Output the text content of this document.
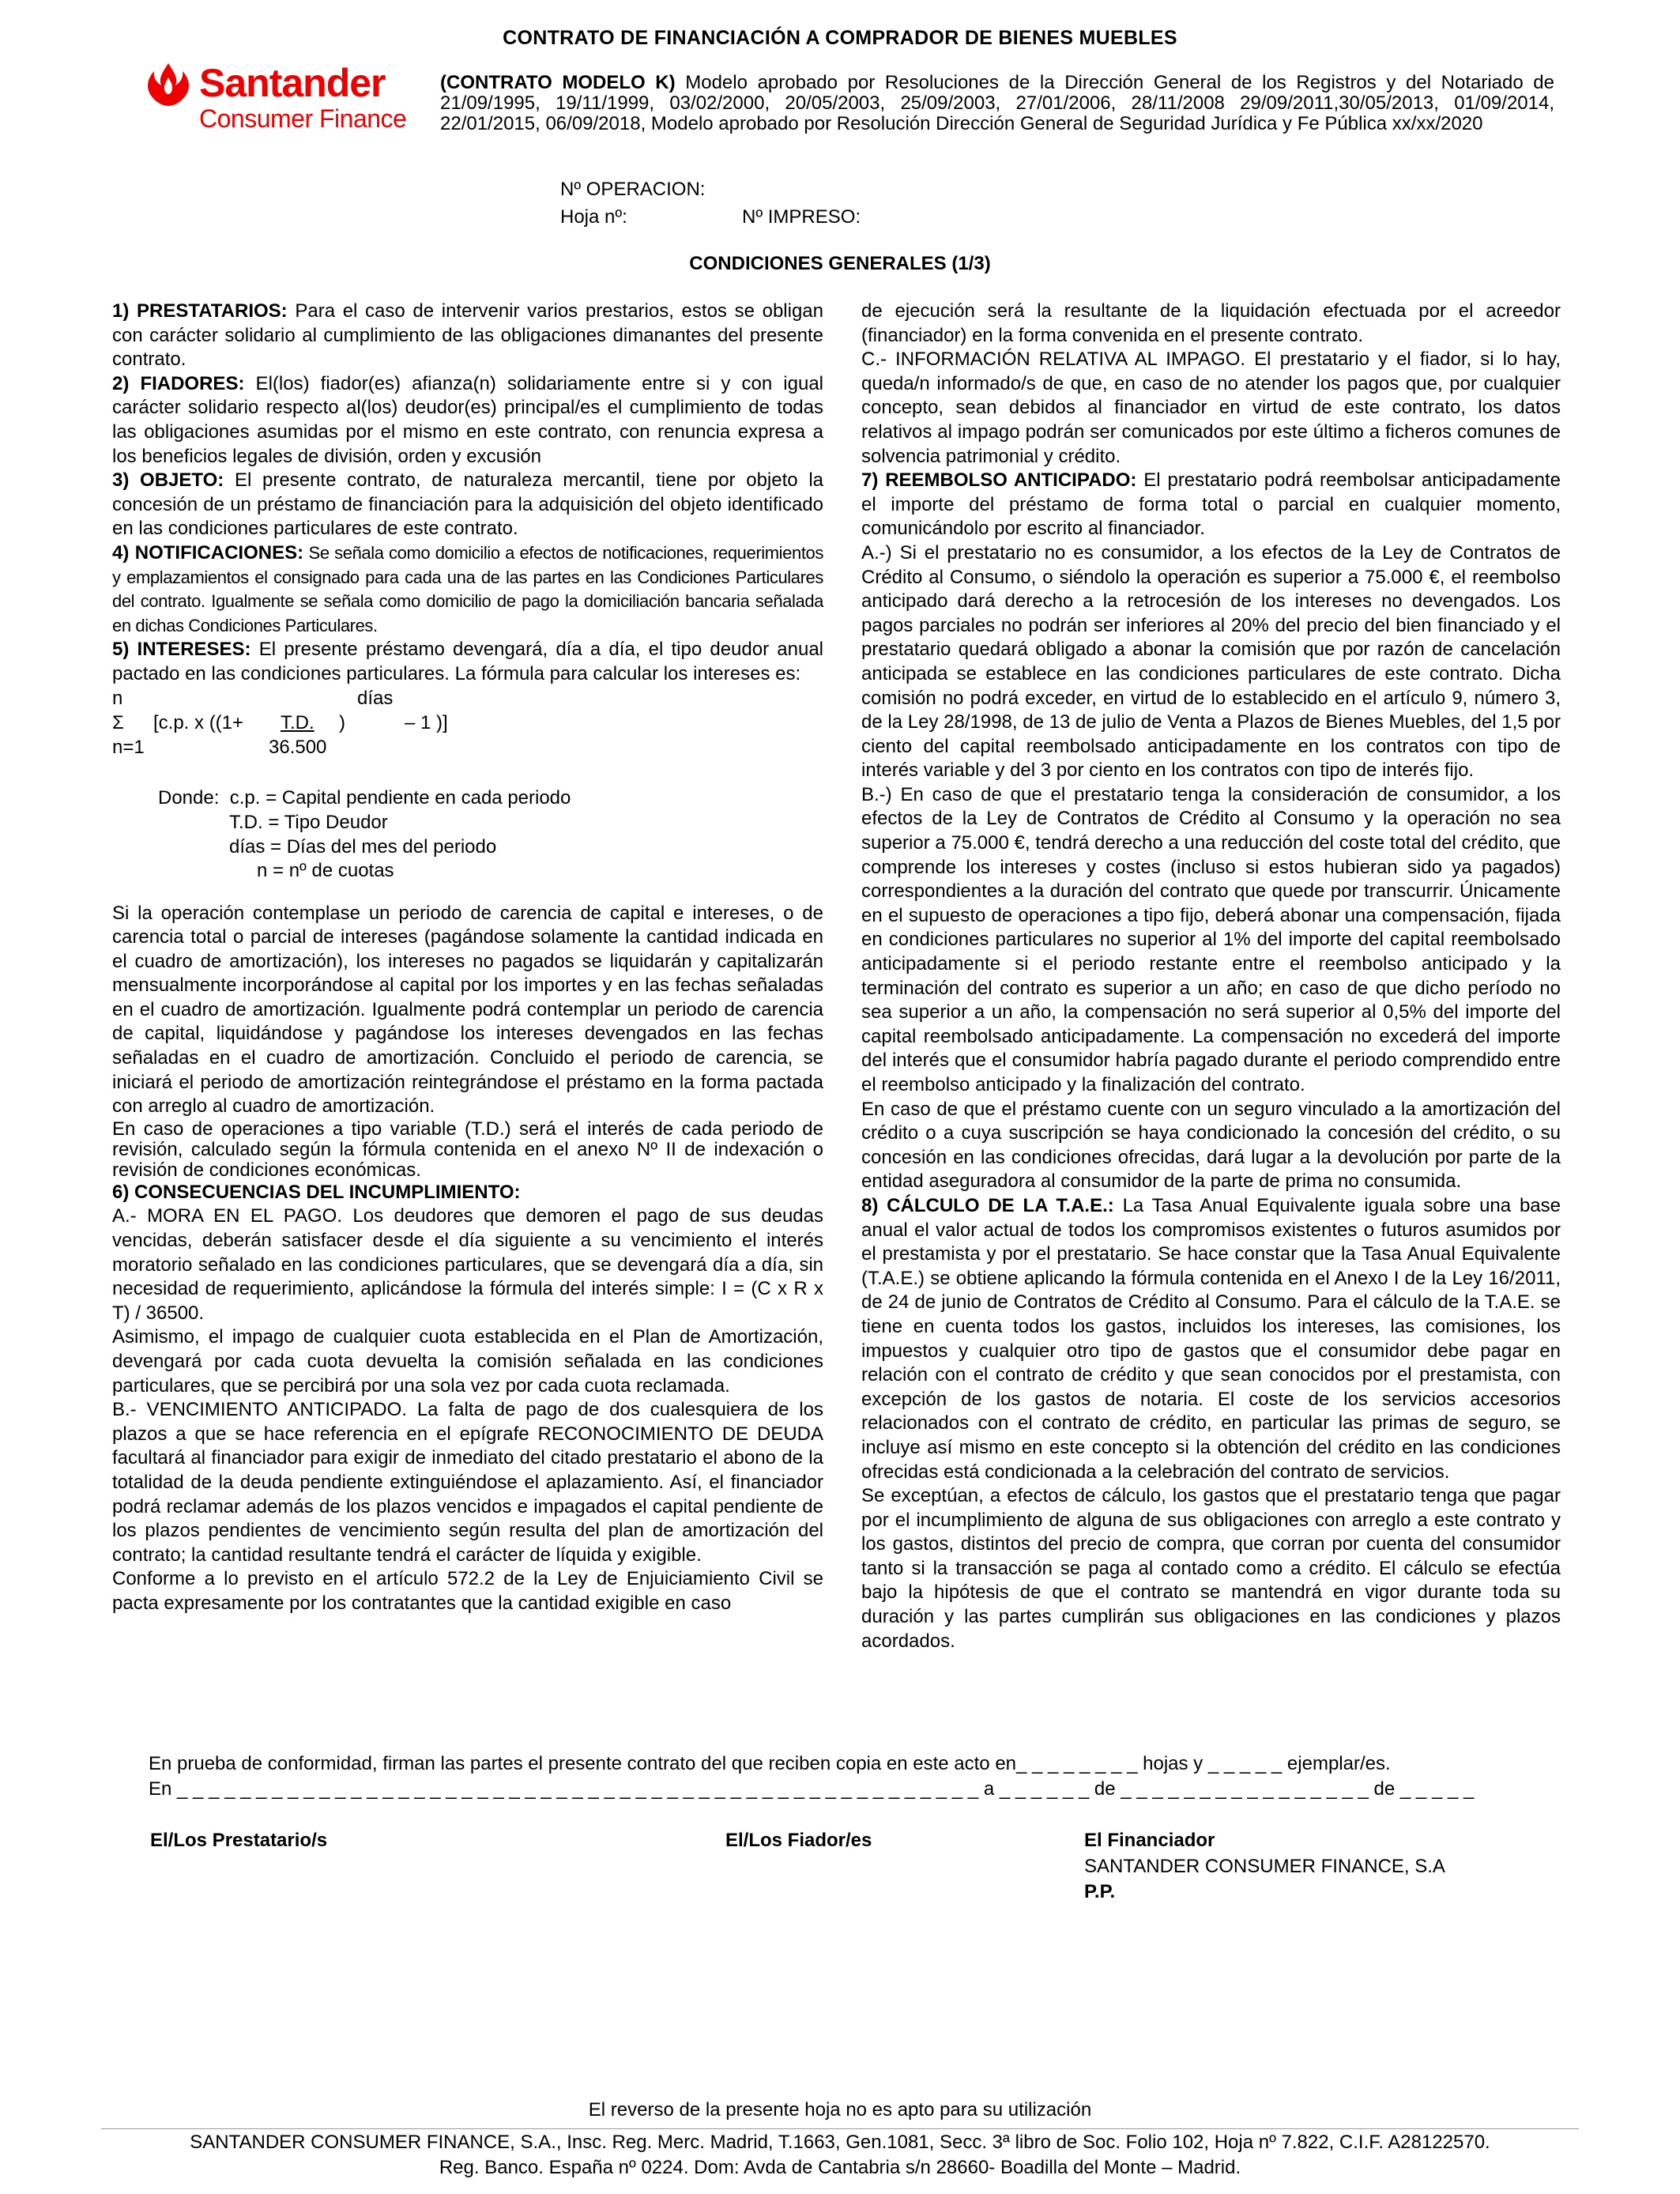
CONTRATO DE FINANCIACIÓN A COMPRADOR DE BIENES MUEBLES
Santander
Consumer Finance
(CONTRATO MODELO K) Modelo aprobado por Resoluciones de la Dirección General de los Registros y del Notariado de 21/09/1995, 19/11/1999, 03/02/2000, 20/05/2003, 25/09/2003, 27/01/2006, 28/11/2008 29/09/2011,30/05/2013, 01/09/2014, 22/01/2015, 06/09/2018, Modelo aprobado por Resolución Dirección General de Seguridad Jurídica y Fe Pública xx/xx/2020
Nº OPERACION:
Hoja nº:	Nº IMPRESO:
CONDICIONES GENERALES (1/3)

1) PRESTATARIOS: Para el caso de intervenir varios prestarios, estos se obligan con carácter solidario al cumplimiento de las obligaciones dimanantes del presente contrato.

2) FIADORES: El(los) fiador(es) afianza(n) solidariamente entre si y con igual carácter solidario respecto al(los) deudor(es) principal/es el cumplimiento de todas las obligaciones asumidas por el mismo en este contrato, con renuncia expresa a los beneficios legales de división, orden y excusión

3) OBJETO: El presente contrato, de naturaleza mercantil, tiene por objeto la concesión de un préstamo de financiación para la adquisición del objeto identificado en las condiciones particulares de este contrato.

4) NOTIFICACIONES: Se señala como domicilio a efectos de notificaciones, requerimientos y emplazamientos el consignado para cada una de las partes en las Condiciones Particulares del contrato. Igualmente se señala como domicilio de pago la domiciliación bancaria señalada en dichas Condiciones Particulares.

5) INTERESES: El presente préstamo devengará, día a día, el tipo deudor anual pactado en las condiciones particulares. La fórmula para calcular los intereses es:

n	días
Σ [c.p. x ((1+ T.D. )	– 1 )]
n=1	36.500
Donde:  c.p. = Capital pendiente en cada periodo
T.D. = Tipo Deudor
días = Días del mes del periodo
n = nº de cuotas

Si la operación contemplase un periodo de carencia de capital e intereses, o de carencia total o parcial de intereses (pagándose solamente la cantidad indicada en el cuadro de amortización), los intereses no pagados se liquidarán y capitalizarán mensualmente incorporándose al capital por los importes y en las fechas señaladas en el cuadro de amortización. Igualmente podrá contemplar un periodo de carencia de capital, liquidándose y pagándose los intereses devengados en las fechas señaladas en el cuadro de amortización. Concluido el periodo de carencia, se iniciará el periodo de amortización reintegrándose el préstamo en la forma pactada con arreglo al cuadro de amortización.

En caso de operaciones a tipo variable (T.D.) será el interés de cada periodo de revisión, calculado según la fórmula contenida en el anexo Nº II de indexación o revisión de condiciones económicas.

6) CONSECUENCIAS DEL INCUMPLIMIENTO:

A.- MORA EN EL PAGO. Los deudores que demoren el pago de sus deudas vencidas, deberán satisfacer desde el día siguiente a su vencimiento el interés moratorio señalado en las condiciones particulares, que se devengará día a día, sin necesidad de requerimiento, aplicándose la fórmula del interés simple: I = (C x R x T) / 36500.

Asimismo, el impago de cualquier cuota establecida en el Plan de Amortización, devengará por cada cuota devuelta la comisión señalada en las condiciones particulares, que se percibirá por una sola vez por cada cuota reclamada.

B.- VENCIMIENTO ANTICIPADO. La falta de pago de dos cualesquiera de los plazos a que se hace referencia en el epígrafe RECONOCIMIENTO DE DEUDA facultará al financiador para exigir de inmediato del citado prestatario el abono de la totalidad de la deuda pendiente extinguiéndose el aplazamiento. Así, el financiador podrá reclamar además de los plazos vencidos e impagados el capital pendiente de los plazos pendientes de vencimiento según resulta del plan de amortización del contrato; la cantidad resultante tendrá el carácter de líquida y exigible.

Conforme a lo previsto en el artículo 572.2 de la Ley de Enjuiciamiento Civil se pacta expresamente por los contratantes que la cantidad exigible en caso

de ejecución será la resultante de la liquidación efectuada por el acreedor (financiador) en la forma convenida en el presente contrato.

C.- INFORMACIÓN RELATIVA AL IMPAGO. El prestatario y el fiador, si lo hay, queda/n informado/s de que, en caso de no atender los pagos que, por cualquier concepto, sean debidos al financiador en virtud de este contrato, los datos relativos al impago podrán ser comunicados por este último a ficheros comunes de solvencia patrimonial y crédito.

7) REEMBOLSO ANTICIPADO: El prestatario podrá reembolsar anticipadamente el importe del préstamo de forma total o parcial en cualquier momento, comunicándolo por escrito al financiador.

A.-) Si el prestatario no es consumidor, a los efectos de la Ley de Contratos de Crédito al Consumo, o siéndolo la operación es superior a 75.000 €, el reembolso anticipado dará derecho a la retrocesión de los intereses no devengados. Los pagos parciales no podrán ser inferiores al 20% del precio del bien financiado y el prestatario quedará obligado a abonar la comisión que por razón de cancelación anticipada se establece en las condiciones particulares de este contrato. Dicha comisión no podrá exceder, en virtud de lo establecido en el artículo 9, número 3, de la Ley 28/1998, de 13 de julio de Venta a Plazos de Bienes Muebles, del 1,5 por ciento del capital reembolsado anticipadamente en los contratos con tipo de interés variable y del 3 por ciento en los contratos con tipo de interés fijo.

B.-) En caso de que el prestatario tenga la consideración de consumidor, a los efectos de la Ley de Contratos de Crédito al Consumo y la operación no sea superior a 75.000 €, tendrá derecho a una reducción del coste total del crédito, que comprende los intereses y costes (incluso si estos hubieran sido ya pagados) correspondientes a la duración del contrato que quede por transcurrir. Únicamente en el supuesto de operaciones a tipo fijo, deberá abonar una compensación, fijada en condiciones particulares no superior al 1% del importe del capital reembolsado anticipadamente si el periodo restante entre el reembolso anticipado y la terminación del contrato es superior a un año; en caso de que dicho período no sea superior a un año, la compensación no será superior al 0,5% del importe del capital reembolsado anticipadamente. La compensación no excederá del importe del interés que el consumidor habría pagado durante el periodo comprendido entre el reembolso anticipado y la finalización del contrato.

En caso de que el préstamo cuente con un seguro vinculado a la amortización del crédito o a cuya suscripción se haya condicionado la concesión del crédito, o su concesión en las condiciones ofrecidas, dará lugar a la devolución por parte de la entidad aseguradora al consumidor de la parte de prima no consumida.

8) CÁLCULO DE LA T.A.E.: La Tasa Anual Equivalente iguala sobre una base anual el valor actual de todos los compromisos existentes o futuros asumidos por el prestamista y por el prestatario. Se hace constar que la Tasa Anual Equivalente (T.A.E.) se obtiene aplicando la fórmula contenida en el Anexo I de la Ley 16/2011, de 24 de junio de Contratos de Crédito al Consumo. Para el cálculo de la T.A.E. se tiene en cuenta todos los gastos, incluidos los intereses, las comisiones, los impuestos y cualquier otro tipo de gastos que el consumidor debe pagar en relación con el contrato de crédito y que sean conocidos por el prestamista, con excepción de los gastos de notaria. El coste de los servicios accesorios relacionados con el contrato de crédito, en particular las primas de seguro, se incluye así mismo en este concepto si la obtención del crédito en las condiciones ofrecidas está condicionada a la celebración del contrato de servicios.

Se exceptúan, a efectos de cálculo, los gastos que el prestatario tenga que pagar por el incumplimiento de alguna de sus obligaciones con arreglo a este contrato y los gastos, distintos del precio de compra, que corran por cuenta del consumidor tanto si la transacción se paga al contado como a crédito. El cálculo se efectúa bajo la hipótesis de que el contrato se mantendrá en vigor durante toda su duración y las partes cumplirán sus obligaciones en las condiciones y plazos acordados.

En prueba de conformidad, firman las partes el presente contrato del que reciben copia en este acto en_ _ _ _ _ _ _ _ hojas y _ _ _ _ _ ejemplar/es.
En _ _ _ _ _ _ _ _ _ _ _ _ _ _ _ _ _ _ _ _ _ _ _ _ _ _ _ _ _ _ _ _ _ _ _ _ _ _ _ _ _ _ _ _ _ _ _ _ _ _ _ a _ _ _ _ _ _ de _ _ _ _ _ _ _ _ _ _ _ _ _ _ _ _ de _ _ _ _ _
El/Los Prestatario/s	El/Los Fiador/es	El Financiador
SANTANDER CONSUMER FINANCE, S.A
P.P.
El reverso de la presente hoja no es apto para su utilización
SANTANDER CONSUMER FINANCE, S.A., Insc. Reg. Merc. Madrid, T.1663, Gen.1081, Secc. 3ª libro de Soc. Folio 102, Hoja nº 7.822, C.I.F. A28122570.
Reg. Banco. España nº 0224. Dom: Avda de Cantabria s/n 28660- Boadilla del Monte – Madrid.
